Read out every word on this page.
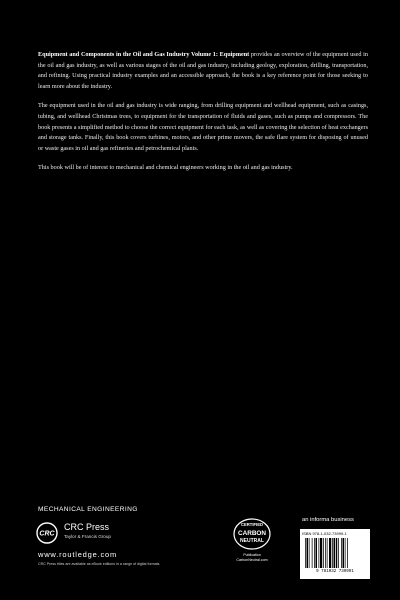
Equipment and Components in the Oil and Gas Industry Volume 1: Equipment provides an overview of the equipment used in the oil and gas industry, as well as various stages of the oil and gas industry, including geology, exploration, drilling, transportation, and refining. Using practical industry examples and an accessible approach, the book is a key reference point for those seeking to learn more about the industry.

The equipment used in the oil and gas industry is wide ranging, from drilling equipment and wellhead equipment, such as casings, tubing, and wellhead Christmas trees, to equipment for the transportation of fluids and gases, such as pumps and compressors. The book presents a simplified method to choose the correct equipment for each task, as well as covering the selection of heat exchangers and storage tanks. Finally, this book covers turbines, motors, and other prime movers, the safe flare system for disposing of unused or waste gases in oil and gas refineries and petrochemical plants.

This book will be of interest to mechanical and chemical engineers working in the oil and gas industry.

MECHANICAL ENGINEERING
CRC
CRC Press
Taylor & Francis Group
www.routledge.com
CRC Press titles are available as eBook editions in a range of digital formats
CERTIFIED
CARBON
NEUTRAL
Publication
CarbonNeutral.com
an informa business
ISBN 978-1-032-73999-1
9 781032 739991
